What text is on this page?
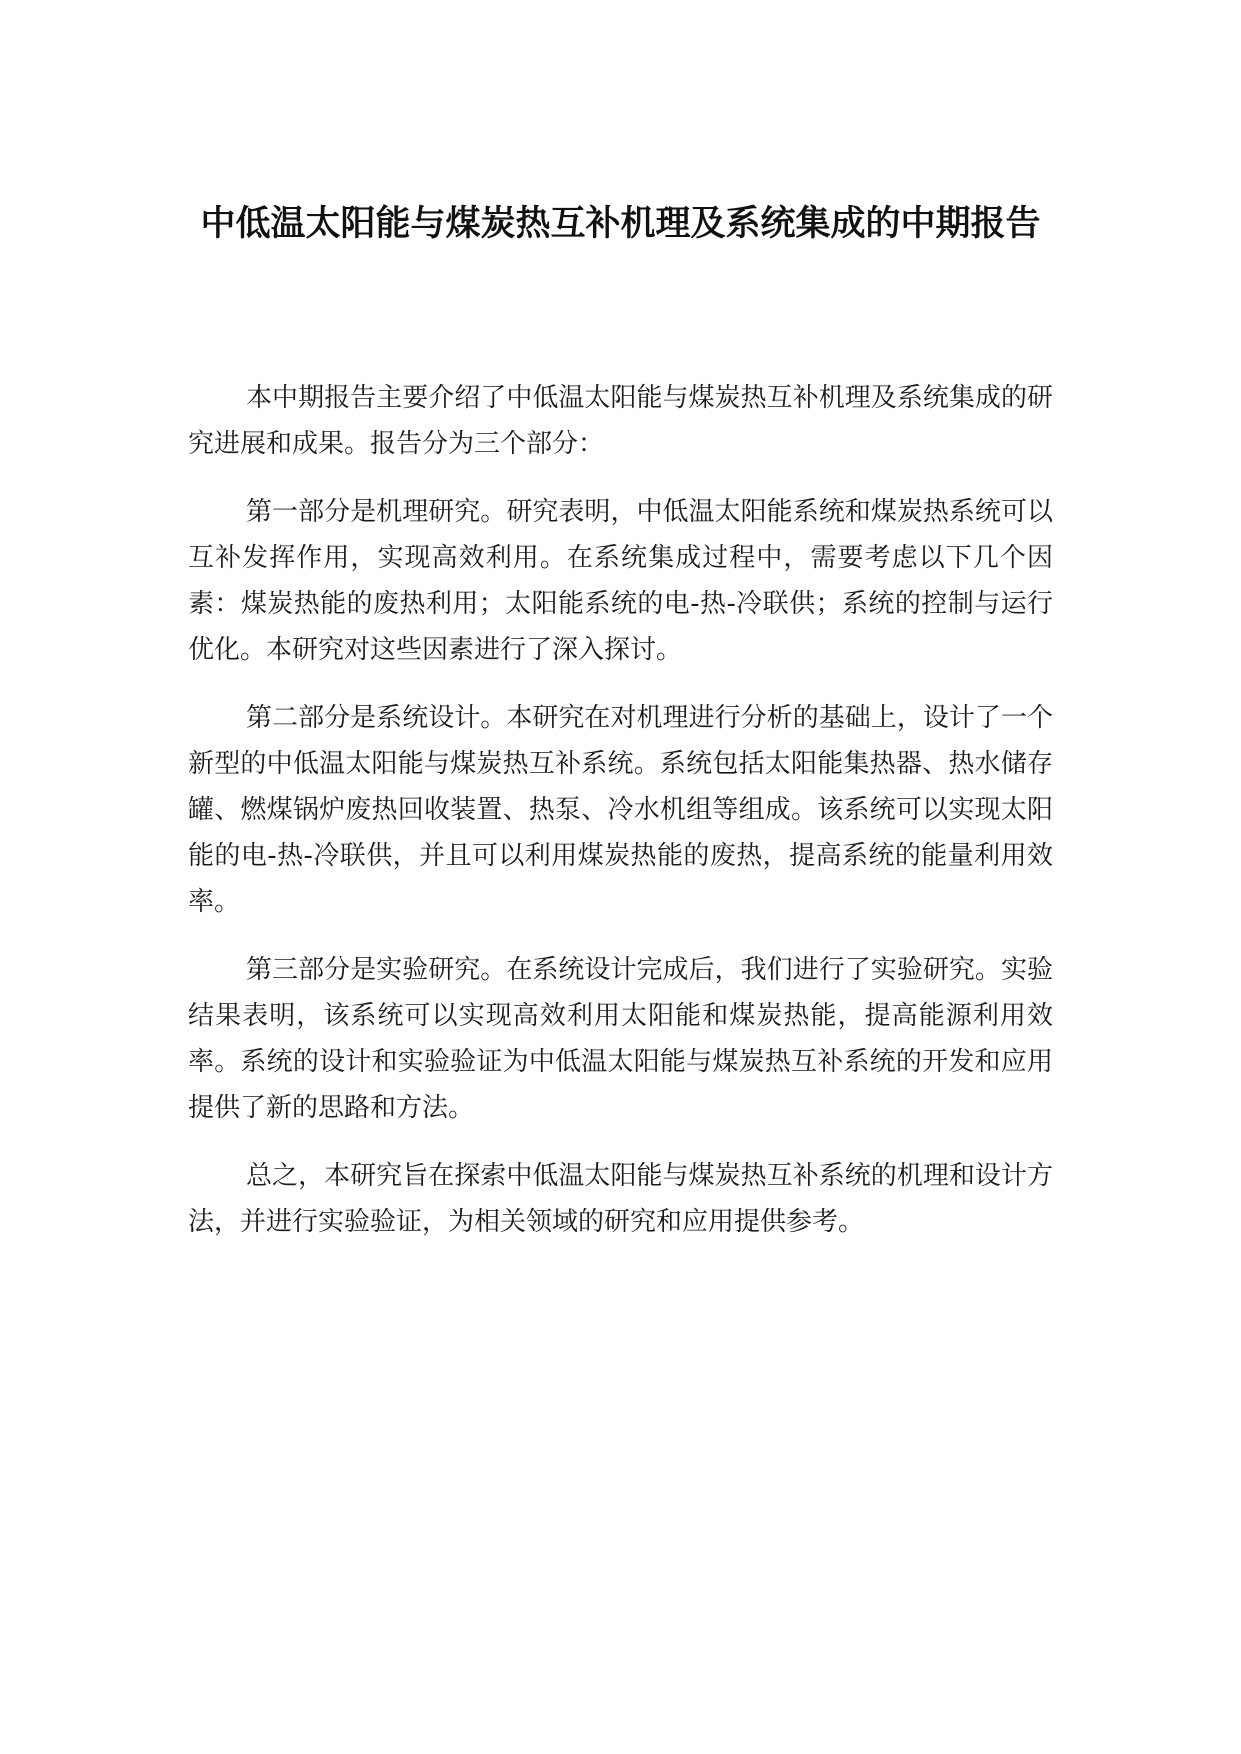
中低温太阳能与煤炭热互补机理及系统集成的中期报告

本中期报告主要介绍了中低温太阳能与煤炭热互补机理及系统集成的研究进展和成果。报告分为三个部分：

第一部分是机理研究。研究表明，中低温太阳能系统和煤炭热系统可以互补发挥作用，实现高效利用。在系统集成过程中，需要考虑以下几个因素：煤炭热能的废热利用；太阳能系统的电-热-冷联供；系统的控制与运行优化。本研究对这些因素进行了深入探讨。

第二部分是系统设计。本研究在对机理进行分析的基础上，设计了一个新型的中低温太阳能与煤炭热互补系统。系统包括太阳能集热器、热水储存罐、燃煤锅炉废热回收装置、热泵、冷水机组等组成。该系统可以实现太阳能的电-热-冷联供，并且可以利用煤炭热能的废热，提高系统的能量利用效率。

第三部分是实验研究。在系统设计完成后，我们进行了实验研究。实验结果表明，该系统可以实现高效利用太阳能和煤炭热能，提高能源利用效率。系统的设计和实验验证为中低温太阳能与煤炭热互补系统的开发和应用提供了新的思路和方法。

总之，本研究旨在探索中低温太阳能与煤炭热互补系统的机理和设计方法，并进行实验验证，为相关领域的研究和应用提供参考。
